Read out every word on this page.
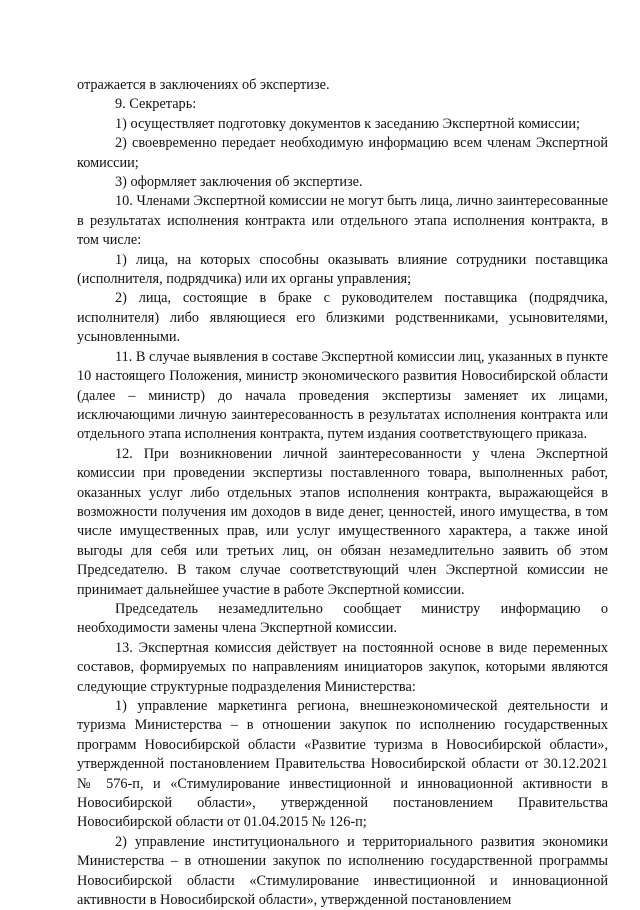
отражается в заключениях об экспертизе.

9. Секретарь:

1) осуществляет подготовку документов к заседанию Экспертной комиссии;

2) своевременно передает необходимую информацию всем членам Экспертной комиссии;

3) оформляет заключения об экспертизе.

10. Членами Экспертной комиссии не могут быть лица, лично заинтересованные в результатах исполнения контракта или отдельного этапа исполнения контракта, в том числе:

1) лица, на которых способны оказывать влияние сотрудники поставщика (исполнителя, подрядчика) или их органы управления;

2) лица, состоящие в браке с руководителем поставщика (подрядчика, исполнителя) либо являющиеся его близкими родственниками, усыновителями, усыновленными.

11. В случае выявления в составе Экспертной комиссии лиц, указанных в пункте 10 настоящего Положения, министр экономического развития Новосибирской области (далее – министр) до начала проведения экспертизы заменяет их лицами, исключающими личную заинтересованность в результатах исполнения контракта или отдельного этапа исполнения контракта, путем издания соответствующего приказа.

12. При возникновении личной заинтересованности у члена Экспертной комиссии при проведении экспертизы поставленного товара, выполненных работ, оказанных услуг либо отдельных этапов исполнения контракта, выражающейся в возможности получения им доходов в виде денег, ценностей, иного имущества, в том числе имущественных прав, или услуг имущественного характера, а также иной выгоды для себя или третьих лиц, он обязан незамедлительно заявить об этом Председателю. В таком случае соответствующий член Экспертной комиссии не принимает дальнейшее участие в работе Экспертной комиссии.

Председатель незамедлительно сообщает министру информацию о необходимости замены члена Экспертной комиссии.

13. Экспертная комиссия действует на постоянной основе в виде переменных составов, формируемых по направлениям инициаторов закупок, которыми являются следующие структурные подразделения Министерства:

1) управление маркетинга региона, внешнеэкономической деятельности и туризма Министерства – в отношении закупок по исполнению государственных программ Новосибирской области «Развитие туризма в Новосибирской области», утвержденной постановлением Правительства Новосибирской области от 30.12.2021 № 576-п, и «Стимулирование инвестиционной и инновационной активности в Новосибирской области», утвержденной постановлением Правительства Новосибирской области от 01.04.2015 № 126-п;

2) управление институционального и территориального развития экономики Министерства – в отношении закупок по исполнению государственной программы Новосибирской области «Стимулирование инвестиционной и инновационной активности в Новосибирской области», утвержденной постановлением
